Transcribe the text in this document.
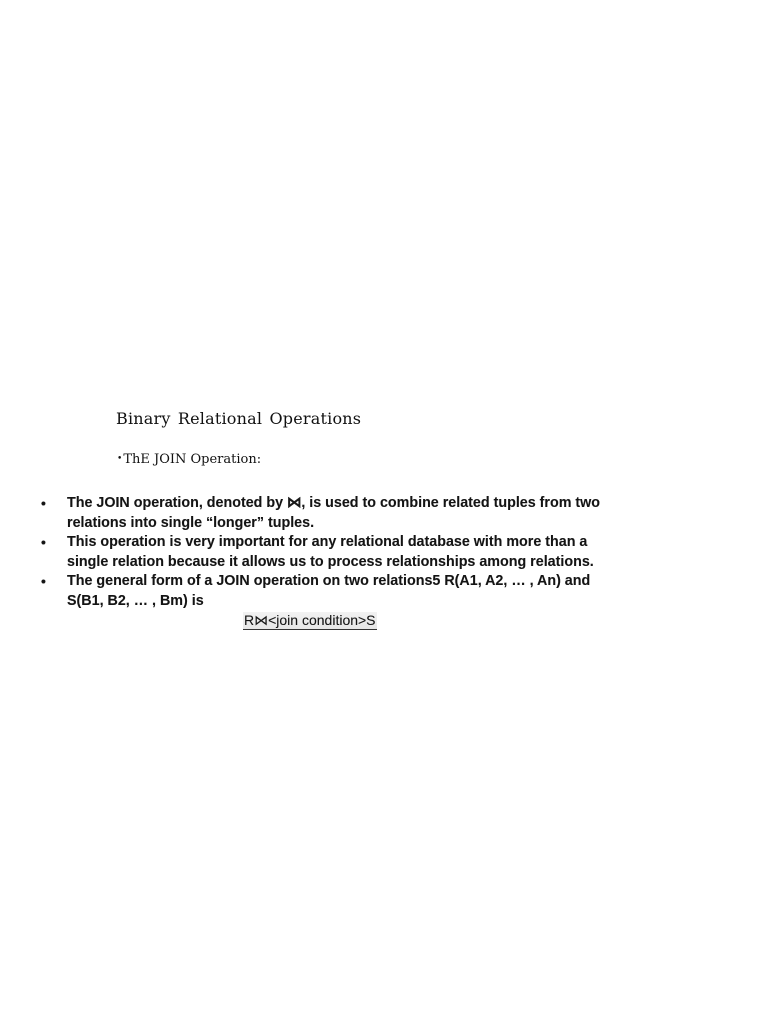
Binary Relational Operations

•ThE JOIN Operation:

• The JOIN operation, denoted by ⋈, is used to combine related tuples from two relations into single “longer” tuples.
• This operation is very important for any relational database with more than a single relation because it allows us to process relationships among relations.
• The general form of a JOIN operation on two relations5 R(A1, A2, … , An) and S(B1, B2, … , Bm) is
R⋈<join condition>S
